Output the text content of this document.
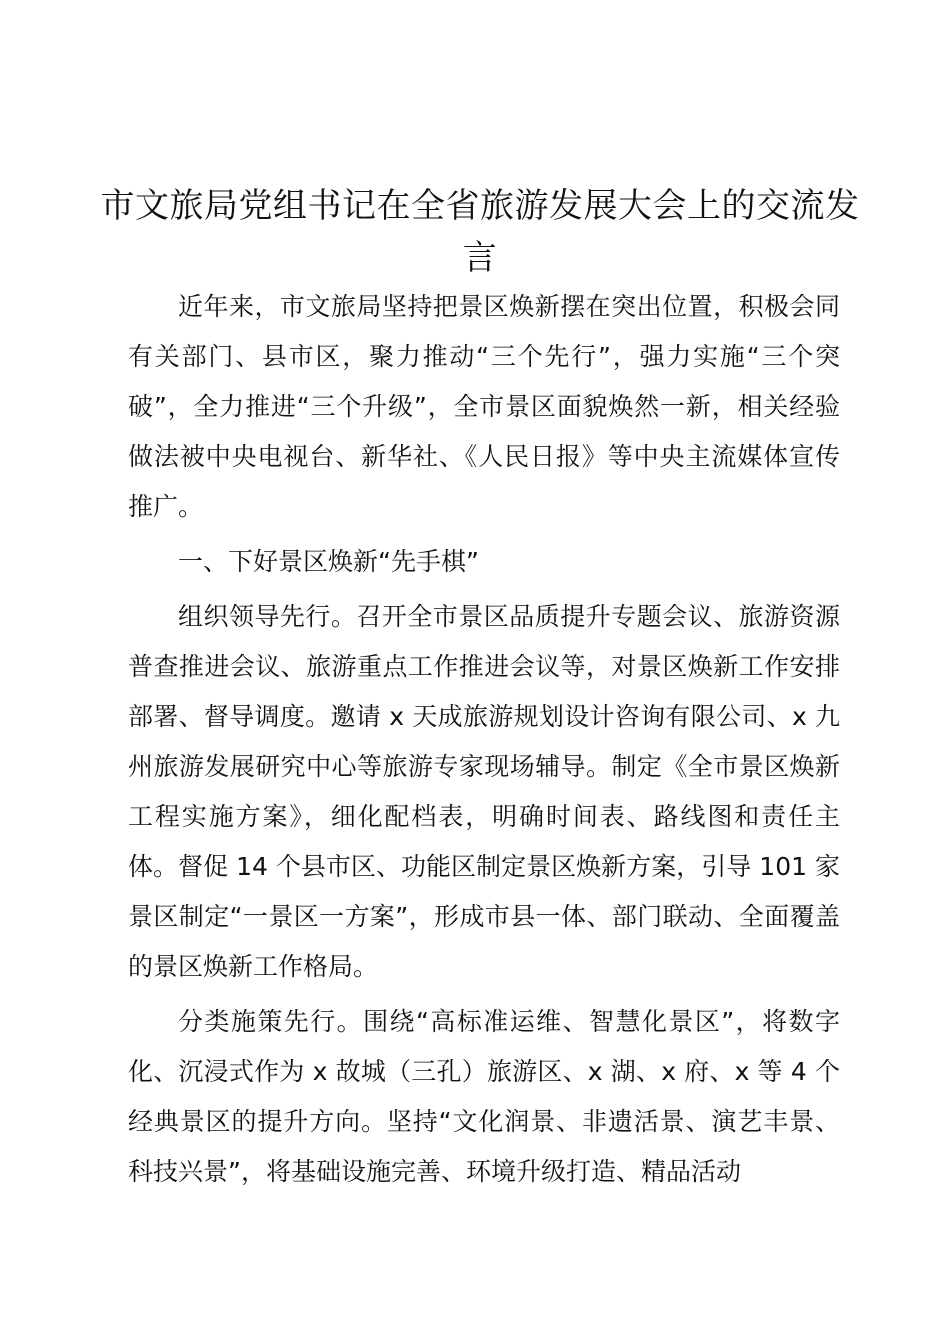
市文旅局党组书记在全省旅游发展大会上的交流发言

近年来，市文旅局坚持把景区焕新摆在突出位置，积极会同有关部门、县市区，聚力推动“三个先行”，强力实施“三个突破”，全力推进“三个升级”，全市景区面貌焕然一新，相关经验做法被中央电视台、新华社、《人民日报》等中央主流媒体宣传推广。

一、下好景区焕新“先手棋”

组织领导先行。召开全市景区品质提升专题会议、旅游资源普查推进会议、旅游重点工作推进会议等，对景区焕新工作安排部署、督导调度。邀请 x 天成旅游规划设计咨询有限公司、x 九州旅游发展研究中心等旅游专家现场辅导。制定《全市景区焕新工程实施方案》，细化配档表，明确时间表、路线图和责任主体。督促 14 个县市区、功能区制定景区焕新方案，引导 101 家景区制定“一景区一方案”，形成市县一体、部门联动、全面覆盖的景区焕新工作格局。

分类施策先行。围绕“高标准运维、智慧化景区”，将数字化、沉浸式作为 x 故城（三孔）旅游区、x 湖、x 府、x 等 4 个经典景区的提升方向。坚持“文化润景、非遗活景、演艺丰景、科技兴景”，将基础设施完善、环境升级打造、精品活动
